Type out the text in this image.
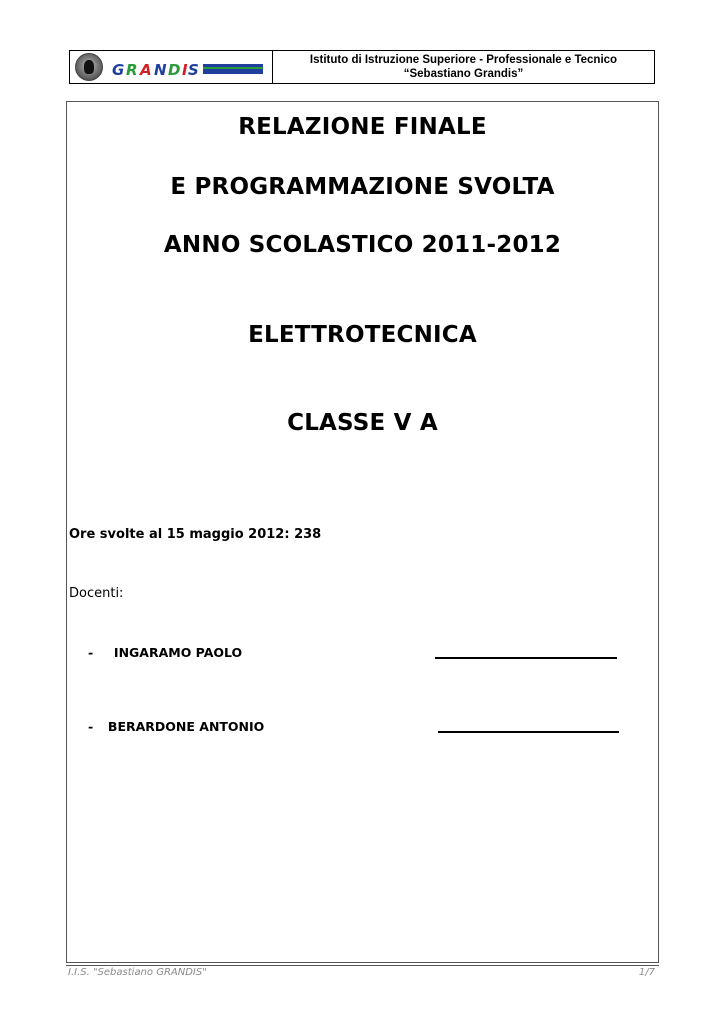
G R A N D I S
Istituto di Istruzione Superiore - Professionale e Tecnico
“Sebastiano Grandis”
RELAZIONE FINALE
E PROGRAMMAZIONE SVOLTA
ANNO SCOLASTICO 2011-2012
ELETTROTECNICA
CLASSE V A
Ore svolte al 15 maggio 2012: 238
Docenti:
- INGARAMO PAOLO
- BERARDONE ANTONIO
I.I.S. "Sebastiano GRANDIS"	1/7
